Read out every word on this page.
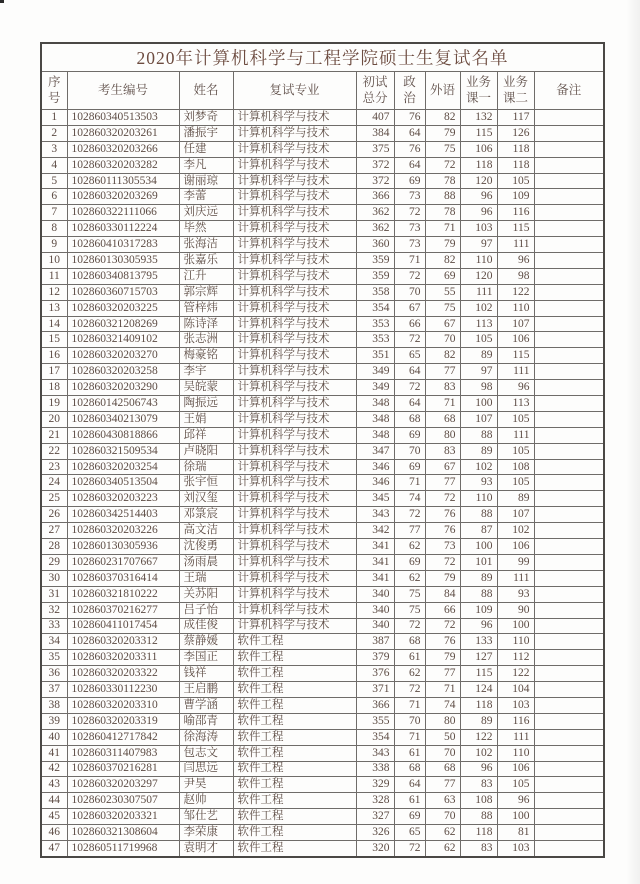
2020年计算机科学与工程学院硕士生复试名单									
序号	考生编号	姓名	复试专业	初试总分	政治	外语	业务课一	业务课二	备注
1	102860340513503	刘梦奇	计算机科学与技术	407	76	82	132	117	
2	102860320203261	潘振宇	计算机科学与技术	384	64	79	115	126	
3	102860320203266	任建	计算机科学与技术	375	76	75	106	118	
4	102860320203282	李凡	计算机科学与技术	372	64	72	118	118	
5	102860111305534	谢丽琼	计算机科学与技术	372	69	78	120	105	
6	102860320203269	李蕾	计算机科学与技术	366	73	88	96	109	
7	102860322111066	刘庆远	计算机科学与技术	362	72	78	96	116	
8	102860330112224	毕然	计算机科学与技术	362	73	71	103	115	
9	102860410317283	张海洁	计算机科学与技术	360	73	79	97	111	
10	102860130305935	张嘉乐	计算机科学与技术	359	71	82	110	96	
11	102860340813795	江升	计算机科学与技术	359	72	69	120	98	
12	102860360715703	郭宗辉	计算机科学与技术	358	70	55	111	122	
13	102860320203225	管梓炜	计算机科学与技术	354	67	75	102	110	
14	102860321208269	陈诗泽	计算机科学与技术	353	66	67	113	107	
15	102860321409102	张志洲	计算机科学与技术	353	72	70	105	106	
16	102860320203270	梅豪铭	计算机科学与技术	351	65	82	89	115	
17	102860320203258	李宇	计算机科学与技术	349	64	77	97	111	
18	102860320203290	吴皖蒙	计算机科学与技术	349	72	83	98	96	
19	102860142506743	陶振远	计算机科学与技术	348	64	71	100	113	
20	102860340213079	王娟	计算机科学与技术	348	68	68	107	105	
21	102860430818866	邱祥	计算机科学与技术	348	69	80	88	111	
22	102860321509534	卢晓阳	计算机科学与技术	347	70	83	89	105	
23	102860320203254	徐瑞	计算机科学与技术	346	69	67	102	108	
24	102860340513504	张宇恒	计算机科学与技术	346	71	77	93	105	
25	102860320203223	刘汉玺	计算机科学与技术	345	74	72	110	89	
26	102860342514403	邓箓宸	计算机科学与技术	343	72	76	88	107	
27	102860320203226	高文洁	计算机科学与技术	342	77	76	87	102	
28	102860130305936	沈俊勇	计算机科学与技术	341	62	73	100	106	
29	102860231707667	汤雨晨	计算机科学与技术	341	69	72	101	99	
30	102860370316414	王瑞	计算机科学与技术	341	62	79	89	111	
31	102860321810222	关苏阳	计算机科学与技术	340	75	84	88	93	
32	102860370216277	吕子怡	计算机科学与技术	340	75	66	109	90	
33	102860411017454	成佳俊	计算机科学与技术	340	72	72	96	100	
34	102860320203312	蔡静媛	软件工程	387	68	76	133	110	
35	102860320203311	李国正	软件工程	379	61	79	127	112	
36	102860320203322	钱祥	软件工程	376	62	77	115	122	
37	102860330112230	王启鹏	软件工程	371	72	71	124	104	
38	102860320203310	曹学涵	软件工程	366	71	74	118	103	
39	102860320203319	喻邵青	软件工程	355	70	80	89	116	
40	102860412717842	徐海涛	软件工程	354	71	50	122	111	
41	102860311407983	包志文	软件工程	343	61	70	102	110	
42	102860370216281	闫思远	软件工程	338	68	68	96	106	
43	102860320203297	尹昊	软件工程	329	64	77	83	105	
44	102860230307507	赵帅	软件工程	328	61	63	108	96	
45	102860320203321	邹仕艺	软件工程	327	69	70	88	100	
46	102860321308604	李荣康	软件工程	326	65	62	118	81	
47	102860511719968	袁明才	软件工程	320	72	62	83	103	
